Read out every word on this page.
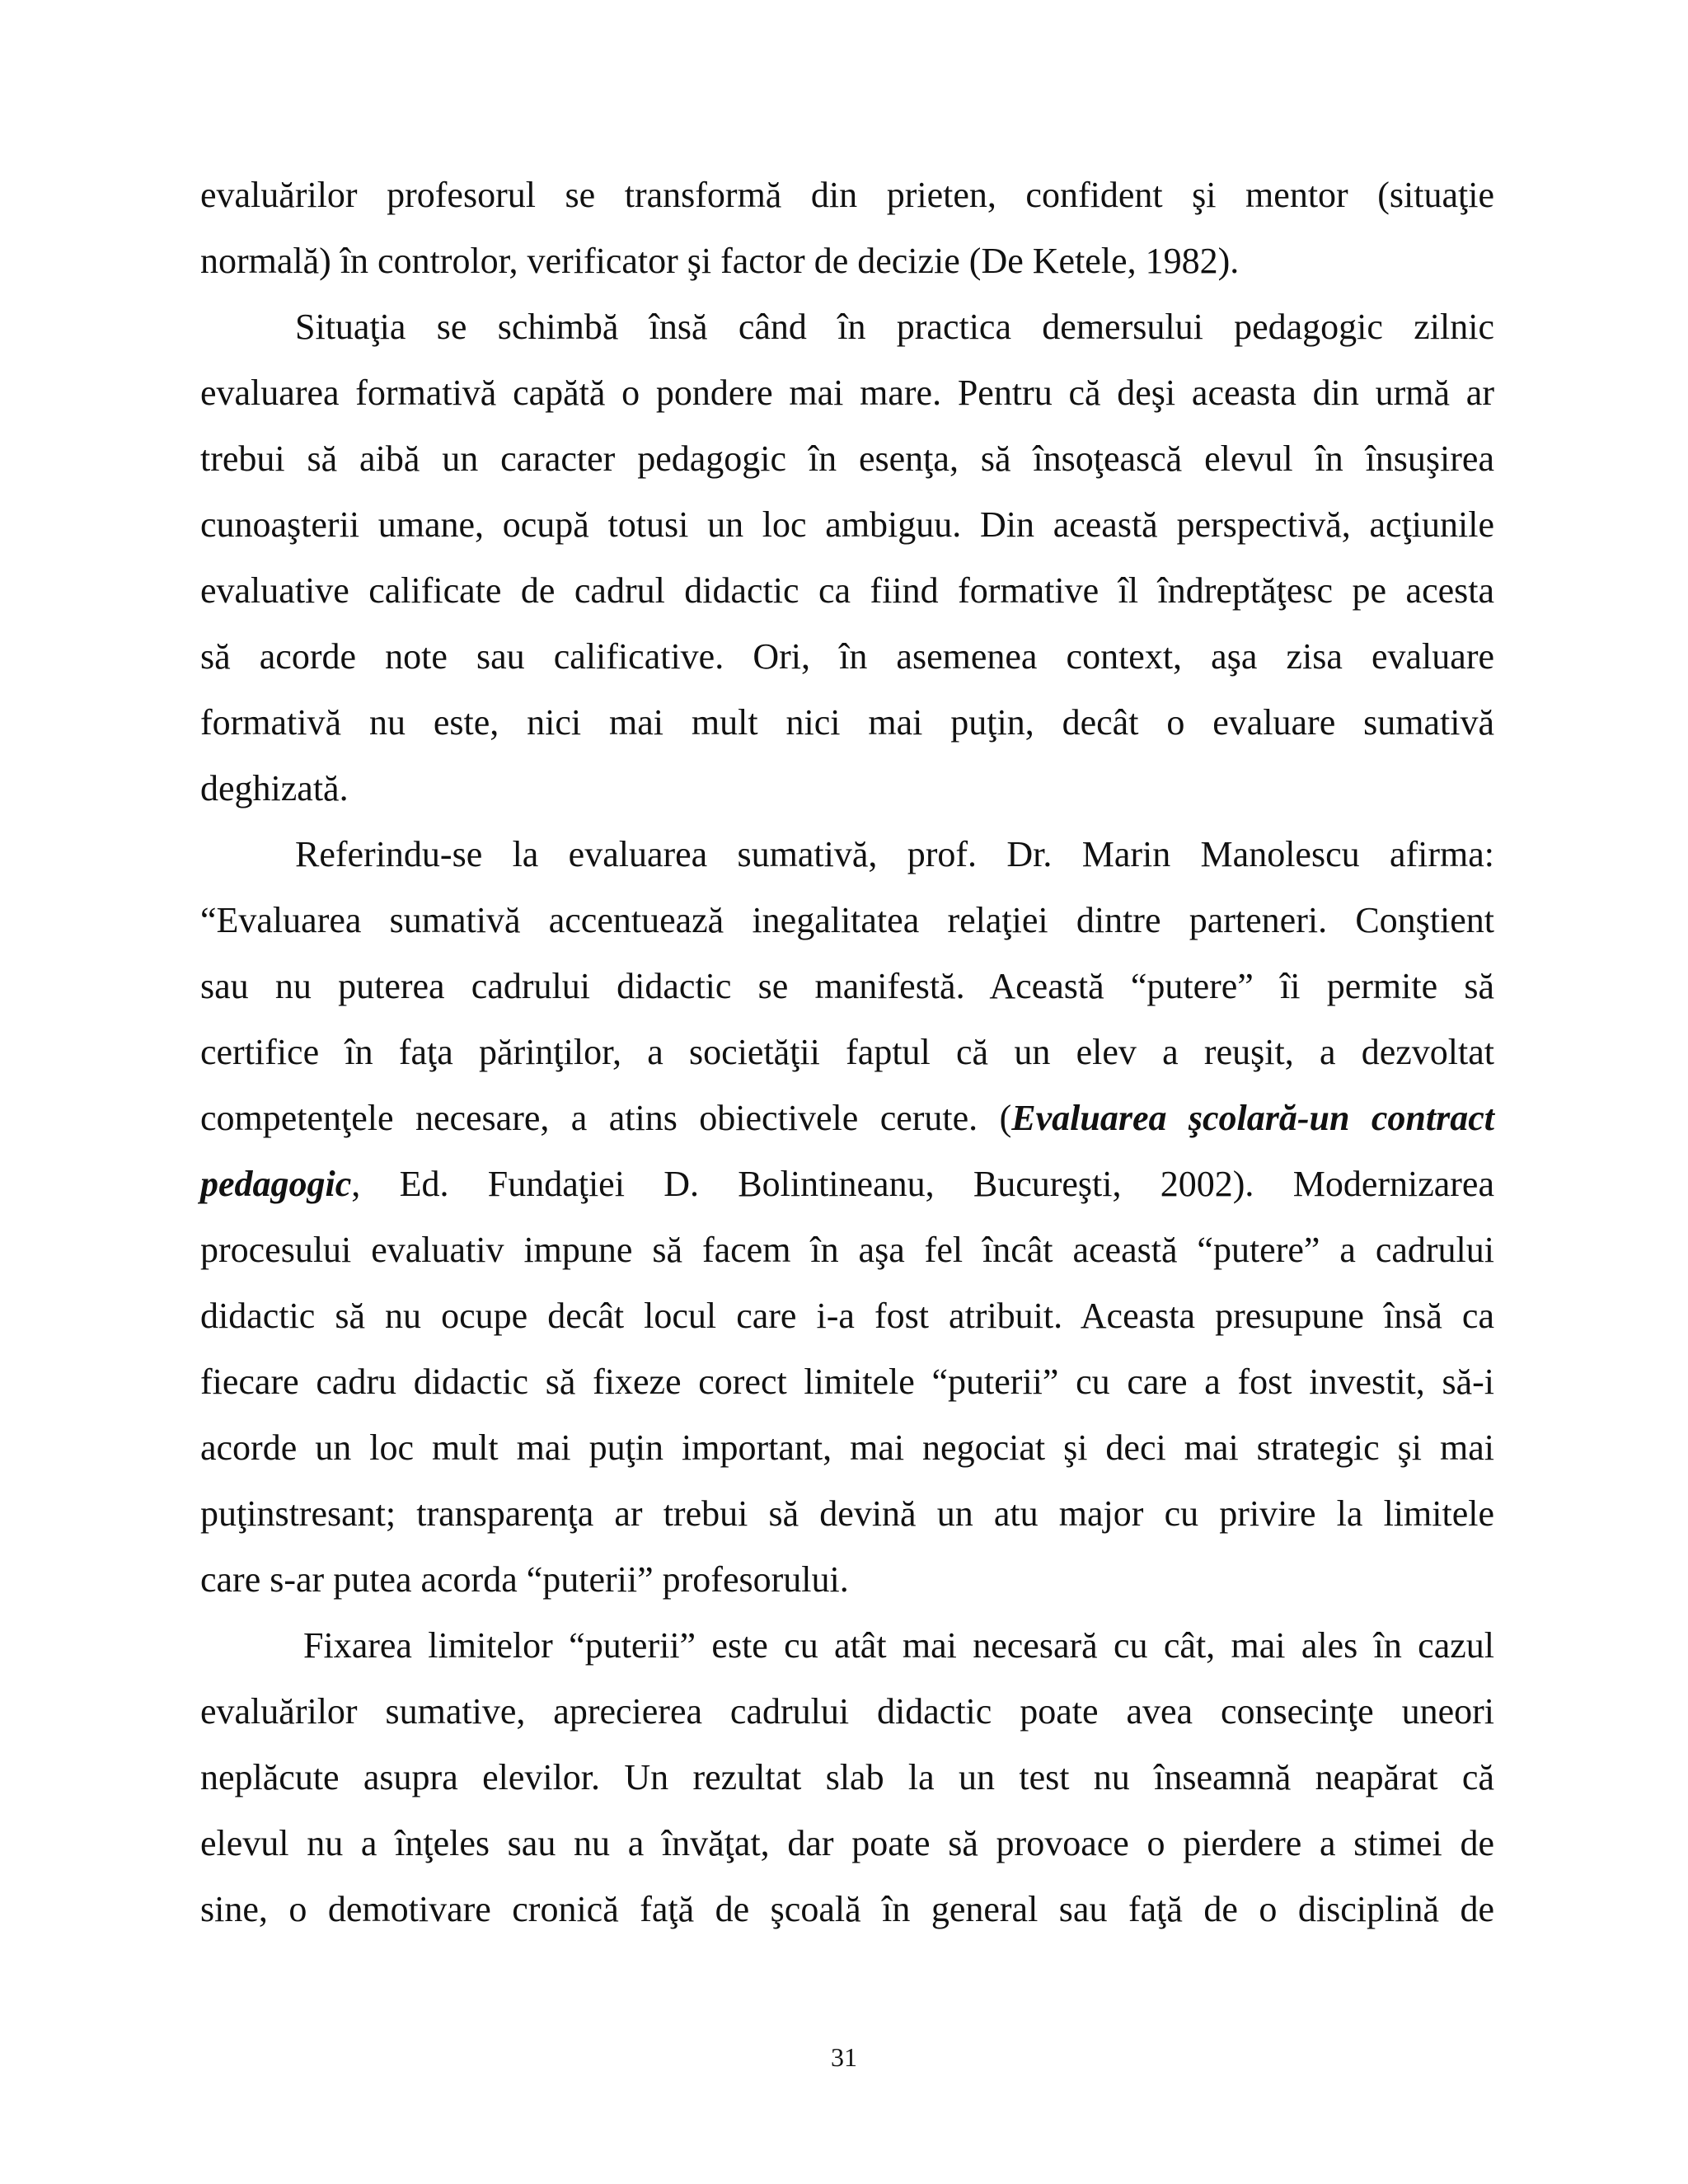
evaluărilor profesorul se transformă din prieten, confident şi mentor (situaţie

normală) în controlor, verificator şi factor de decizie (De Ketele, 1982).

Situaţia se schimbă însă când în practica demersului pedagogic zilnic

evaluarea formativă capătă o pondere mai mare. Pentru că deşi aceasta din urmă ar

trebui să aibă un caracter pedagogic în esenţa, să însoţească elevul în însuşirea

cunoaşterii umane, ocupă totusi un loc ambiguu. Din această perspectivă, acţiunile

evaluative calificate de cadrul didactic ca fiind formative îl îndreptăţesc pe acesta

să acorde note sau calificative. Ori, în asemenea context, aşa zisa evaluare

formativă nu este, nici mai mult nici mai puţin, decât o evaluare sumativă

deghizată.

Referindu-se la evaluarea sumativă, prof. Dr. Marin Manolescu afirma:

“Evaluarea sumativă accentuează inegalitatea relaţiei dintre parteneri. Conştient

sau nu puterea cadrului didactic se manifestă. Această “putere” îi permite să

certifice în faţa părinţilor, a societăţii faptul că un elev a reuşit, a dezvoltat

competenţele necesare, a atins obiectivele cerute. (Evaluarea şcolară-un contract

pedagogic, Ed. Fundaţiei D. Bolintineanu, Bucureşti, 2002). Modernizarea

procesului evaluativ impune să facem în aşa fel încât această “putere” a cadrului

didactic să nu ocupe decât locul care i-a fost atribuit. Aceasta presupune însă ca

fiecare cadru didactic să fixeze corect limitele “puterii” cu care a fost investit, să-i

acorde un loc mult mai puţin important, mai negociat şi deci mai strategic şi mai

puţinstresant; transparenţa ar trebui să devină un atu major cu privire la limitele

care s-ar putea acorda “puterii” profesorului.

Fixarea limitelor “puterii” este cu atât mai necesară cu cât, mai ales în cazul

evaluărilor sumative, aprecierea cadrului didactic poate avea consecinţe uneori

neplăcute asupra elevilor. Un rezultat slab la un test nu înseamnă neapărat că

elevul nu a înţeles sau nu a învăţat, dar poate să provoace o pierdere a stimei de

sine, o demotivare cronică faţă de şcoală în general sau faţă de o disciplină de

31
